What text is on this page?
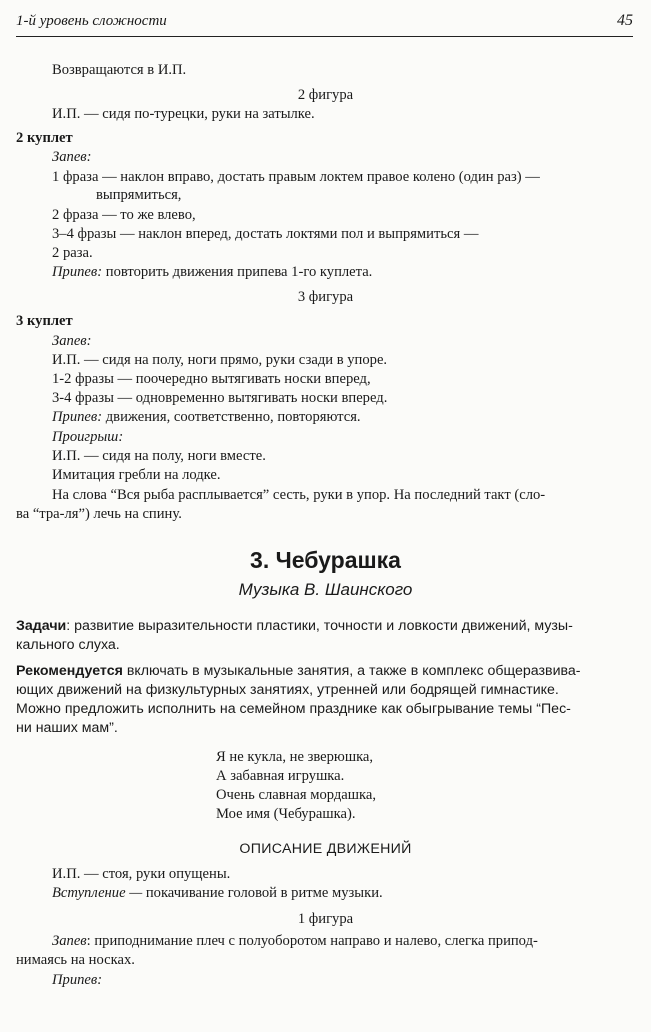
1-й уровень сложности	45
Возвращаются в И.П.
2 фигура
И.П. — сидя по-турецки, руки на затылке.
2 куплет
Запев:
1 фраза — наклон вправо, достать правым локтем правое колено (один раз) —
выпрямиться,
2 фраза — то же влево,
3–4 фразы — наклон вперед, достать локтями пол и выпрямиться —
2 раза.
Припев: повторить движения припева 1-го куплета.
3 фигура
3 куплет
Запев:
И.П. — сидя на полу, ноги прямо, руки сзади в упоре.
1-2 фразы — поочередно вытягивать носки вперед,
3-4 фразы — одновременно вытягивать носки вперед.
Припев: движения, соответственно, повторяются.
Проигрыш:
И.П. — сидя на полу, ноги вместе.
Имитация гребли на лодке.
На слова “Вся рыба расплывается” сесть, руки в упор. На последний такт (сло-
ва “тра-ля”) лечь на спину.
3. Чебурашка
Музыка В. Шаинского
Задачи: развитие выразительности пластики, точности и ловкости движений, музы-
кального слуха.
Рекомендуется включать в музыкальные занятия, а также в комплекс общеразвива-
ющих движений на физкультурных занятиях, утренней или бодрящей гимнастике.
Можно предложить исполнить на семейном празднике как обыгрывание темы “Пес-
ни наших мам”.
Я не кукла, не зверюшка,
А забавная игрушка.
Очень славная мордашка,
Мое имя (Чебурашка).
ОПИСАНИЕ ДВИЖЕНИЙ
И.П. — стоя, руки опущены.
Вступление — покачивание головой в ритме музыки.
1 фигура
Запев: приподнимание плеч с полуоборотом направо и налево, слегка припод-
нимаясь на носках.
Припев:
